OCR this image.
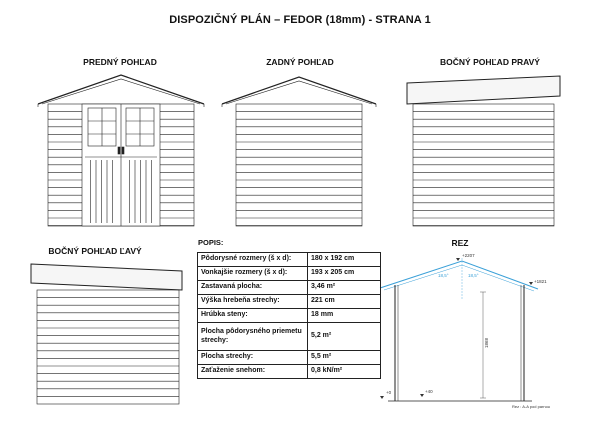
DISPOZIČNÝ PLÁN – FEDOR (18mm) - STRANA 1
PREDNÝ POHĽAD	ZADNÝ POHĽAD	BOČNÝ POHĽAD PRAVÝ
BOČNÝ POHĽAD ĽAVÝ
REZ
+2207
+1821
18,5°	18,5°
1868
+0	+40
Rez : A-A pod parnou
POPIS:
Pôdorysné rozmery (š x d):	180 x 192 cm
Vonkajšie rozmery (š x d):	193 x 205 cm
Zastavaná plocha:	3,46 m²
Výška hrebeňa strechy:	221 cm
Hrúbka steny:	18 mm
Plocha pôdorysného priemetu strechy:	5,2 m²
Plocha strechy:	5,5 m²
Zaťaženie snehom:	0,8 kN/m²
